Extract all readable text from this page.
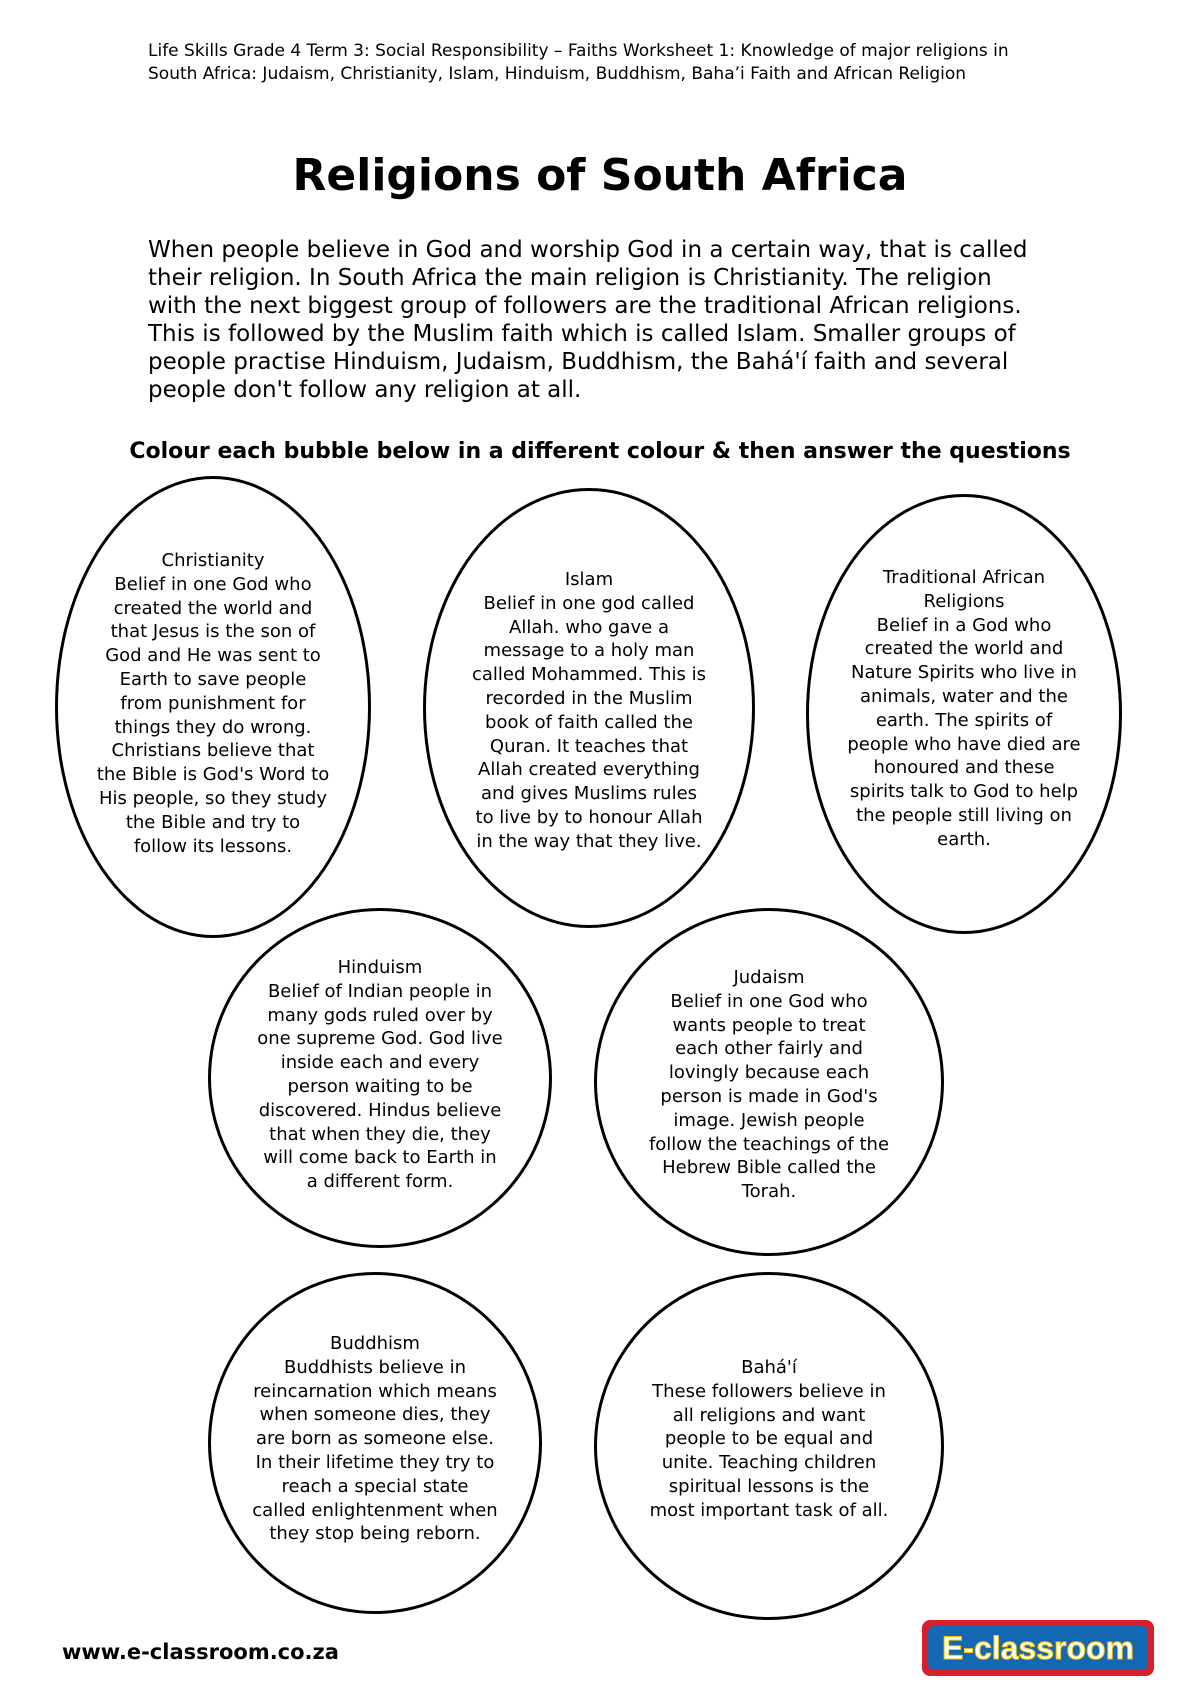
Life Skills Grade 4 Term 3: Social Responsibility – Faiths Worksheet 1: Knowledge of major religions in
South Africa: Judaism, Christianity, Islam, Hinduism, Buddhism, Baha’i Faith and African Religion
Religions of South Africa
When people believe in God and worship God in a certain way, that is called
their religion. In South Africa the main religion is Christianity. The religion
with the next biggest group of followers are the traditional African religions.
This is followed by the Muslim faith which is called Islam. Smaller groups of
people practise Hinduism, Judaism, Buddhism, the Bahá'í faith and several
people don't follow any religion at all.
Colour each bubble below in a different colour & then answer the questions
Christianity
Belief in one God who
created the world and
that Jesus is the son of
God and He was sent to
Earth to save people
from punishment for
things they do wrong.
Christians believe that
the Bible is God's Word to
His people, so they study
the Bible and try to
follow its lessons.
Islam
Belief in one god called
Allah. who gave a
message to a holy man
called Mohammed. This is
recorded in the Muslim
book of faith called the
Quran. It teaches that
Allah created everything
and gives Muslims rules
to live by to honour Allah
in the way that they live.
Traditional African
Religions
Belief in a God who
created the world and
Nature Spirits who live in
animals, water and the
earth. The spirits of
people who have died are
honoured and these
spirits talk to God to help
the people still living on
earth.
Hinduism
Belief of Indian people in
many gods ruled over by
one supreme God. God live
inside each and every
person waiting to be
discovered. Hindus believe
that when they die, they
will come back to Earth in
a different form.
Judaism
Belief in one God who
wants people to treat
each other fairly and
lovingly because each
person is made in God's
image. Jewish people
follow the teachings of the
Hebrew Bible called the
Torah.
Buddhism
Buddhists believe in
reincarnation which means
when someone dies, they
are born as someone else.
In their lifetime they try to
reach a special state
called enlightenment when
they stop being reborn.
Bahá'í
These followers believe in
all religions and want
people to be equal and
unite. Teaching children
spiritual lessons is the
most important task of all.
www.e-classroom.co.za	E-classroom
